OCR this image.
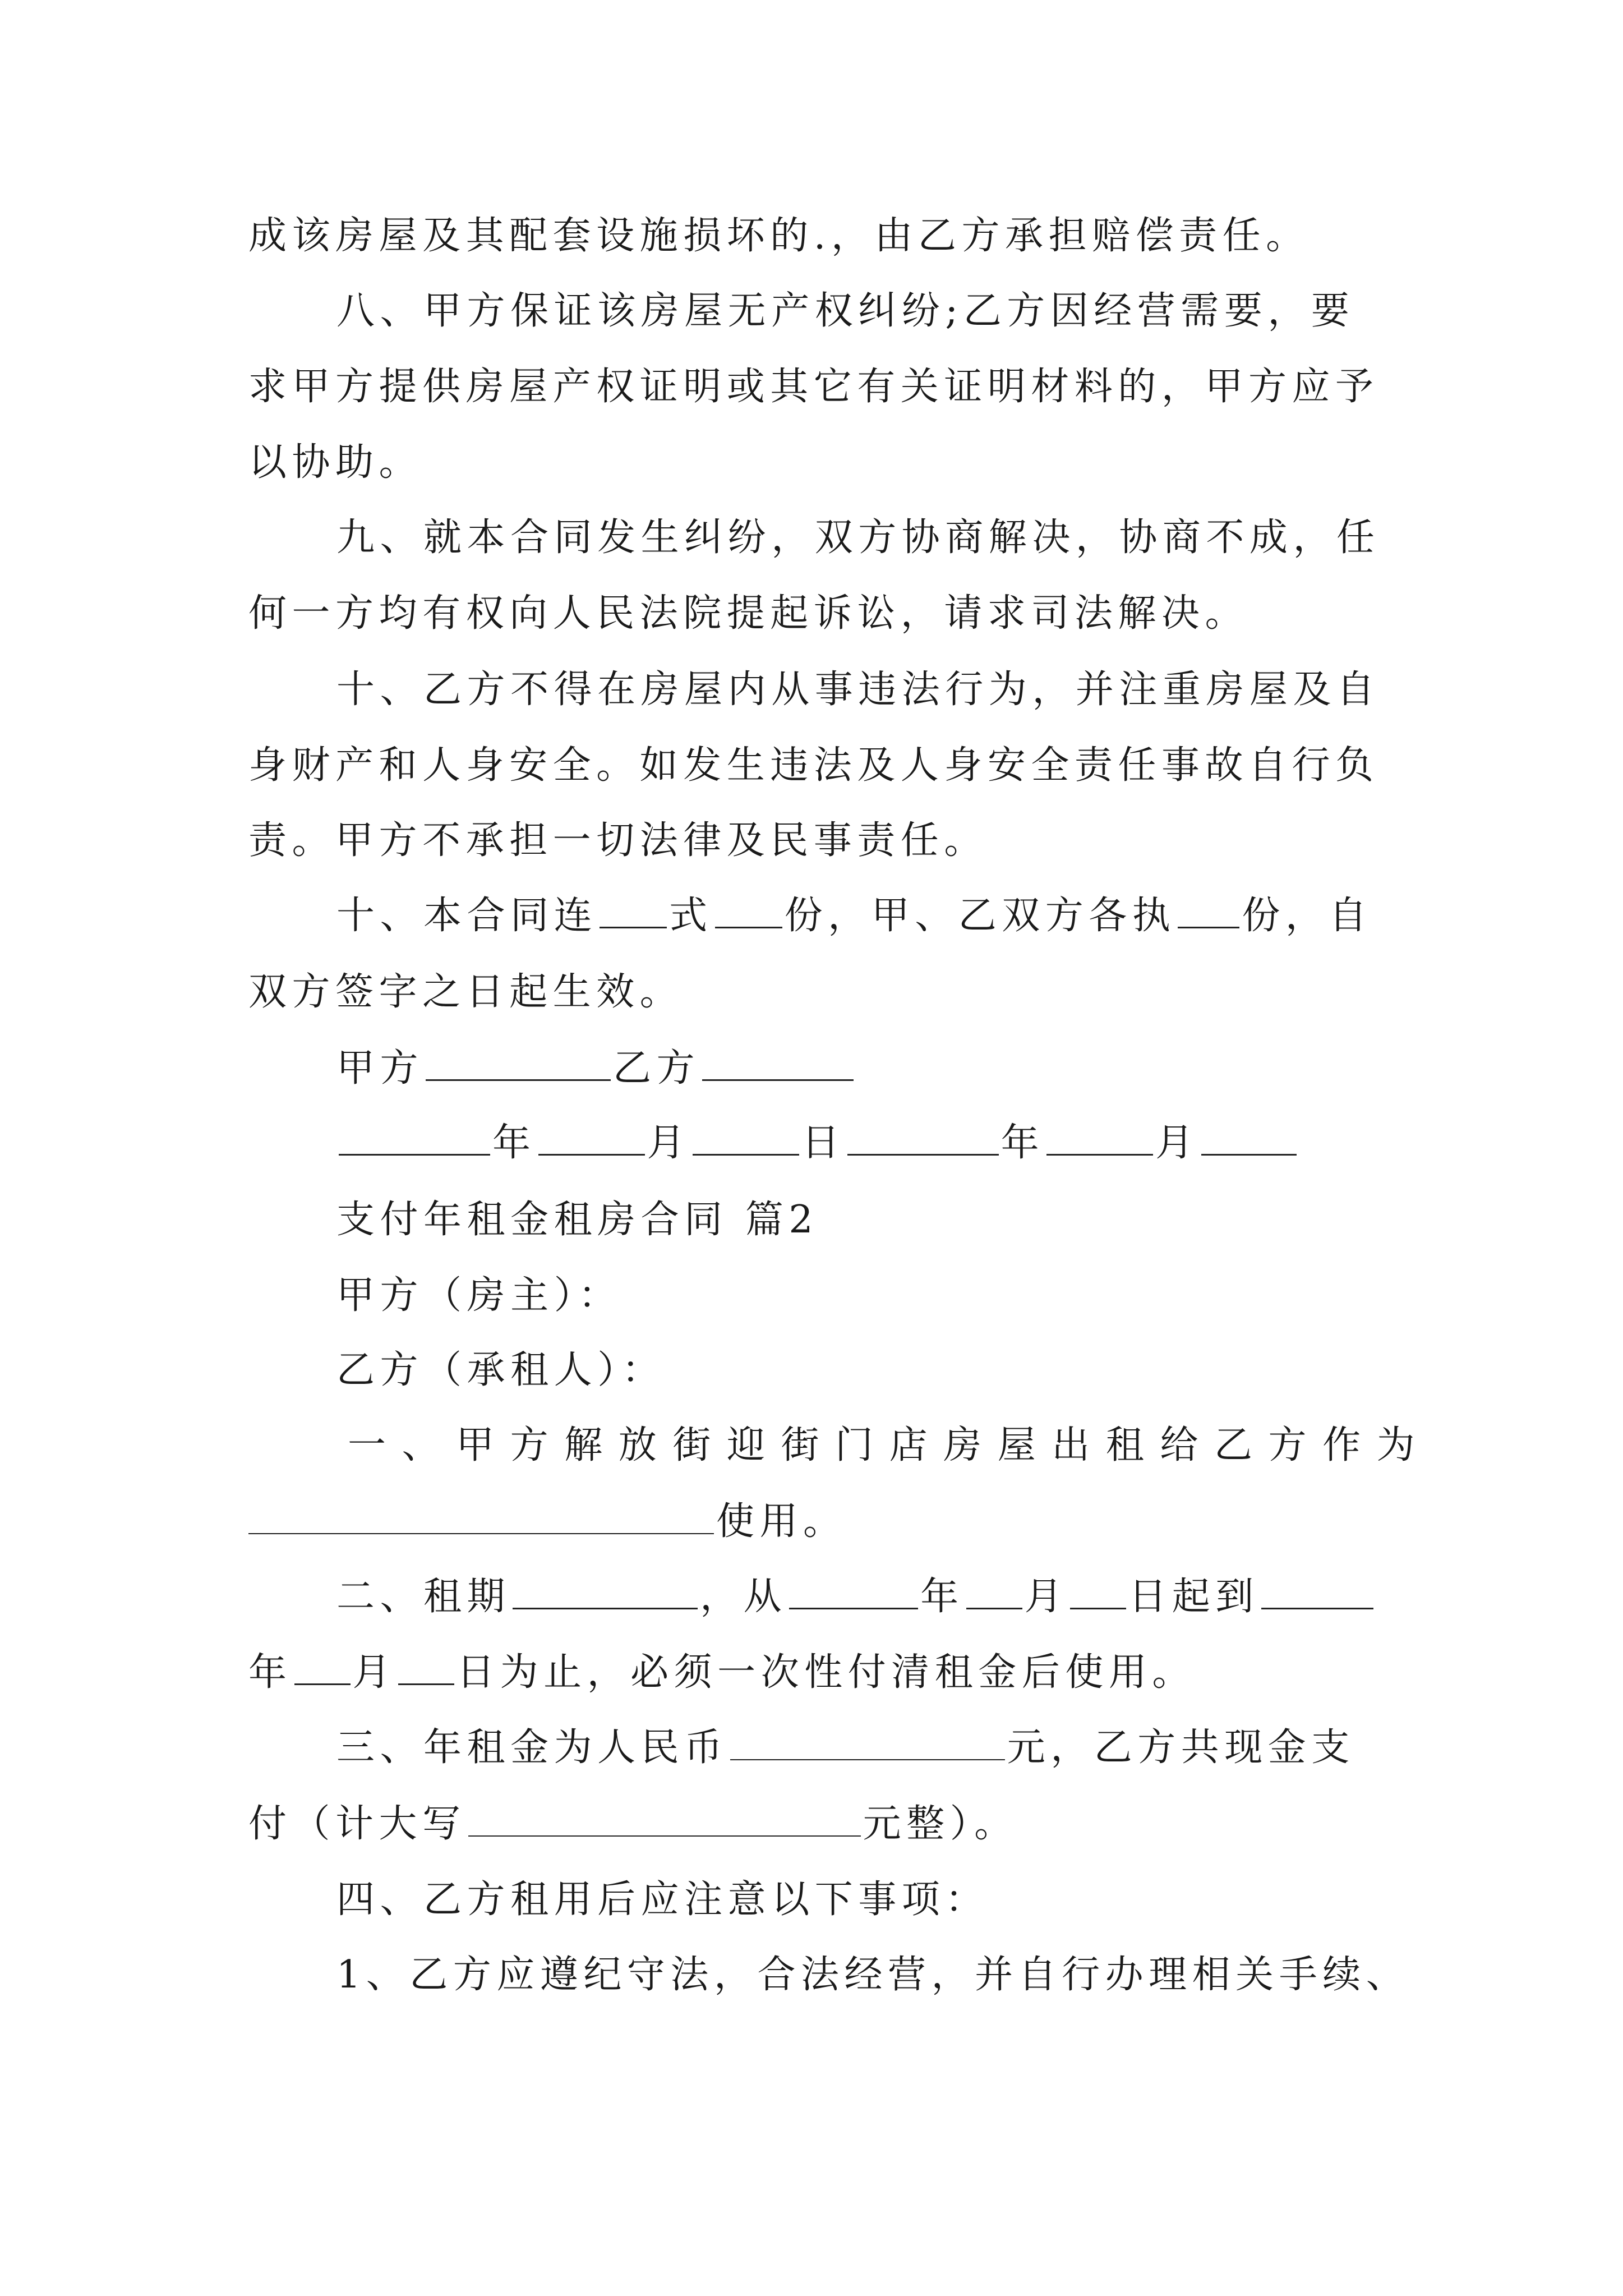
成该房屋及其配套设施损坏的.，由乙方承担赔偿责任。

八、甲方保证该房屋无产权纠纷;乙方因经营需要，要

求甲方提供房屋产权证明或其它有关证明材料的，甲方应予

以协助。

九、就本合同发生纠纷，双方协商解决，协商不成，任

何一方均有权向人民法院提起诉讼，请求司法解决。

十、乙方不得在房屋内从事违法行为，并注重房屋及自

身财产和人身安全。如发生违法及人身安全责任事故自行负

责。甲方不承担一切法律及民事责任。

十、本合同连 式 份，甲、乙双方各执 份，自

双方签字之日起生效。

甲方	乙方

年	月	日	年	月

支付年租金租房合同 篇2

甲方（房主）：

乙方（承租人）：

一、甲方解放街迎街门店房屋出租给乙方作为

使用。

二、租期	，从	年 月 日起到

年 月 日为止，必须一次性付清租金后使用。

三、年租金为人民币	元，乙方共现金支

付（计大写	元整）。

四、乙方租用后应注意以下事项：

1、乙方应遵纪守法，合法经营，并自行办理相关手续、
